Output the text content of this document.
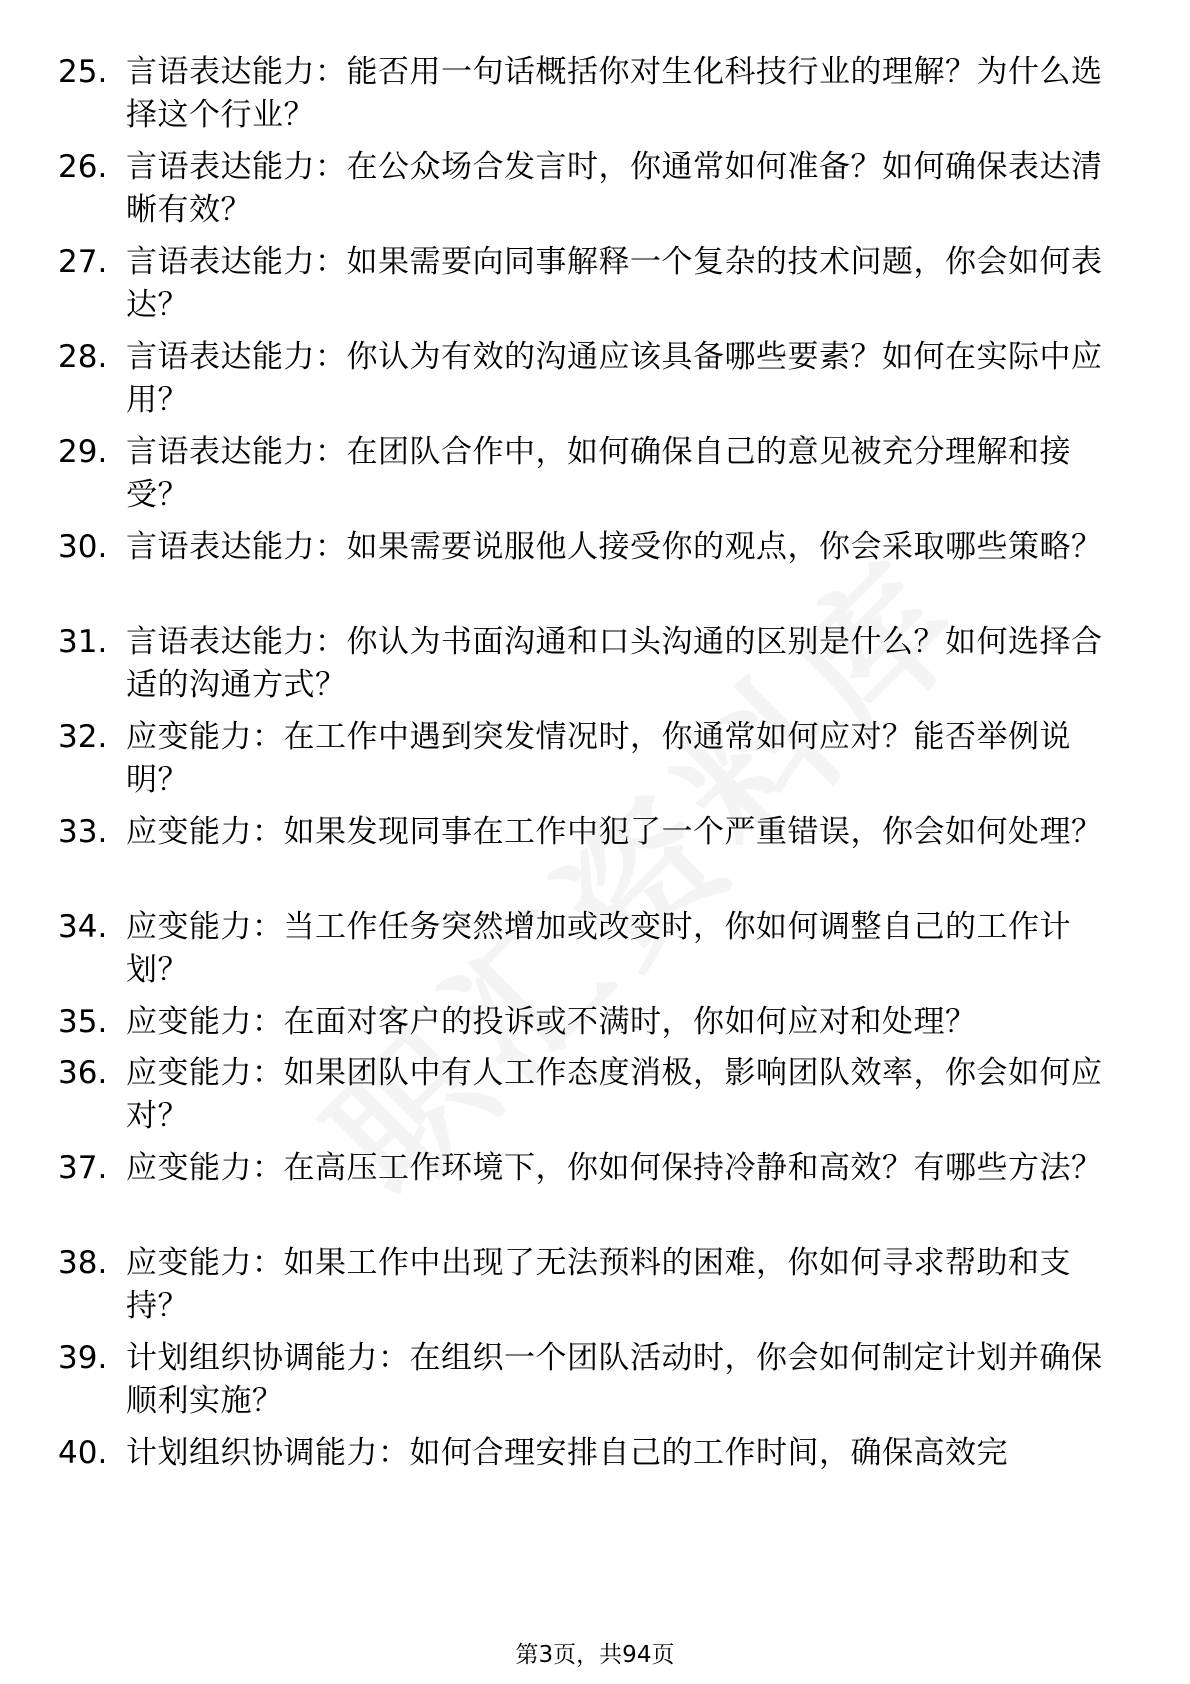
25. 言语表达能力：能否用一句话概括你对生化科技行业的理解？为什么选择这个行业？
26. 言语表达能力：在公众场合发言时，你通常如何准备？如何确保表达清晰有效？
27. 言语表达能力：如果需要向同事解释一个复杂的技术问题，你会如何表达？
28. 言语表达能力：你认为有效的沟通应该具备哪些要素？如何在实际中应用？
29. 言语表达能力：在团队合作中，如何确保自己的意见被充分理解和接受？
30. 言语表达能力：如果需要说服他人接受你的观点，你会采取哪些策略？
31. 言语表达能力：你认为书面沟通和口头沟通的区别是什么？如何选择合适的沟通方式？
32. 应变能力：在工作中遇到突发情况时，你通常如何应对？能否举例说明？
33. 应变能力：如果发现同事在工作中犯了一个严重错误，你会如何处理？
34. 应变能力：当工作任务突然增加或改变时，你如何调整自己的工作计划？
35. 应变能力：在面对客户的投诉或不满时，你如何应对和处理？
36. 应变能力：如果团队中有人工作态度消极，影响团队效率，你会如何应对？
37. 应变能力：在高压工作环境下，你如何保持冷静和高效？有哪些方法？
38. 应变能力：如果工作中出现了无法预料的困难，你如何寻求帮助和支持？
39. 计划组织协调能力：在组织一个团队活动时，你会如何制定计划并确保顺利实施？
40. 计划组织协调能力：如何合理安排自己的工作时间，确保高效完
第3页，共94页
